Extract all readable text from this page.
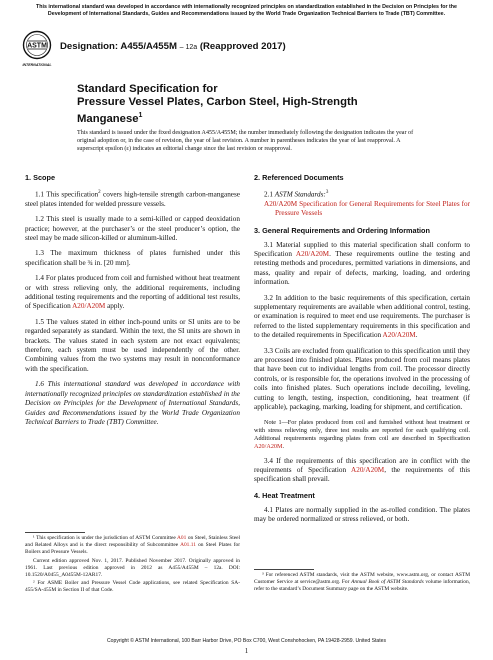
This international standard was developed in accordance with internationally recognized principles on standardization established in the Decision on Principles for the Development of International Standards, Guides and Recommendations issued by the World Trade Organization Technical Barriers to Trade (TBT) Committee.
ASTM
INTERNATIONAL
Designation: A455/A455M – 12a (Reapproved 2017)
Standard Specification for
Pressure Vessel Plates, Carbon Steel, High-Strength
Manganese$^1$
This standard is issued under the fixed designation A455/A455M; the number immediately following the designation indicates the year of original adoption or, in the case of revision, the year of last revision. A number in parentheses indicates the year of last reapproval. A superscript epsilon (ε) indicates an editorial change since the last revision or reapproval.
1. Scope

1.1 This specification$^2$ covers high-tensile strength carbon-manganese steel plates intended for welded pressure vessels.

1.2 This steel is usually made to a semi-killed or capped deoxidation practice; however, at the purchaser’s or the steel producer’s option, the steel may be made silicon-killed or aluminum-killed.

1.3 The maximum thickness of plates furnished under this specification shall be ¾ in. [20 mm].

1.4 For plates produced from coil and furnished without heat treatment or with stress relieving only, the additional requirements, including additional testing requirements and the reporting of additional test results, of Specification A20/A20M apply.

1.5 The values stated in either inch-pound units or SI units are to be regarded separately as standard. Within the text, the SI units are shown in brackets. The values stated in each system are not exact equivalents; therefore, each system must be used independently of the other. Combining values from the two systems may result in nonconformance with the specification.

1.6 This international standard was developed in accordance with internationally recognized principles on standardization established in the Decision on Principles for the Development of International Standards, Guides and Recommendations issued by the World Trade Organization Technical Barriers to Trade (TBT) Committee.

¹ This specification is under the jurisdiction of ASTM Committee A01 on Steel, Stainless Steel and Related Alloys and is the direct responsibility of Subcommittee A01.11 on Steel Plates for Boilers and Pressure Vessels.

Current edition approved Nov. 1, 2017. Published November 2017. Originally approved in 1961. Last previous edition approved in 2012 as A455/A455M – 12a. DOI: 10.1520/A0455_A0455M-12AR17.

² For ASME Boiler and Pressure Vessel Code applications, see related Specification SA-455/SA-455M in Section II of that Code.

2. Referenced Documents

2.1 ASTM Standards:$^3$

A20/A20M Specification for General Requirements for Steel Plates for Pressure Vessels

3. General Requirements and Ordering Information

3.1 Material supplied to this material specification shall conform to Specification A20/A20M. These requirements outline the testing and retesting methods and procedures, permitted variations in dimensions, and mass, quality and repair of defects, marking, loading, and ordering information.

3.2 In addition to the basic requirements of this specification, certain supplementary requirements are available when additional control, testing, or examination is required to meet end use requirements. The purchaser is referred to the listed supplementary requirements in this specification and to the detailed requirements in Specification A20/A20M.

3.3 Coils are excluded from qualification to this specification until they are processed into finished plates. Plates produced from coil means plates that have been cut to individual lengths from coil. The processor directly controls, or is responsible for, the operations involved in the processing of coils into finished plates. Such operations include decoiling, leveling, cutting to length, testing, inspection, conditioning, heat treatment (if applicable), packaging, marking, loading for shipment, and certification.

Note 1—For plates produced from coil and furnished without heat treatment or with stress relieving only, three test results are reported for each qualifying coil. Additional requirements regarding plates from coil are described in Specification A20/A20M.

3.4 If the requirements of this specification are in conflict with the requirements of Specification A20/A20M, the requirements of this specification shall prevail.

4. Heat Treatment

4.1 Plates are normally supplied in the as-rolled condition. The plates may be ordered normalized or stress relieved, or both.

³ For referenced ASTM standards, visit the ASTM website, www.astm.org, or contact ASTM Customer Service at service@astm.org. For Annual Book of ASTM Standards volume information, refer to the standard’s Document Summary page on the ASTM website.

Copyright © ASTM International, 100 Barr Harbor Drive, PO Box C700, West Conshohocken, PA 19428-2959. United States
1
